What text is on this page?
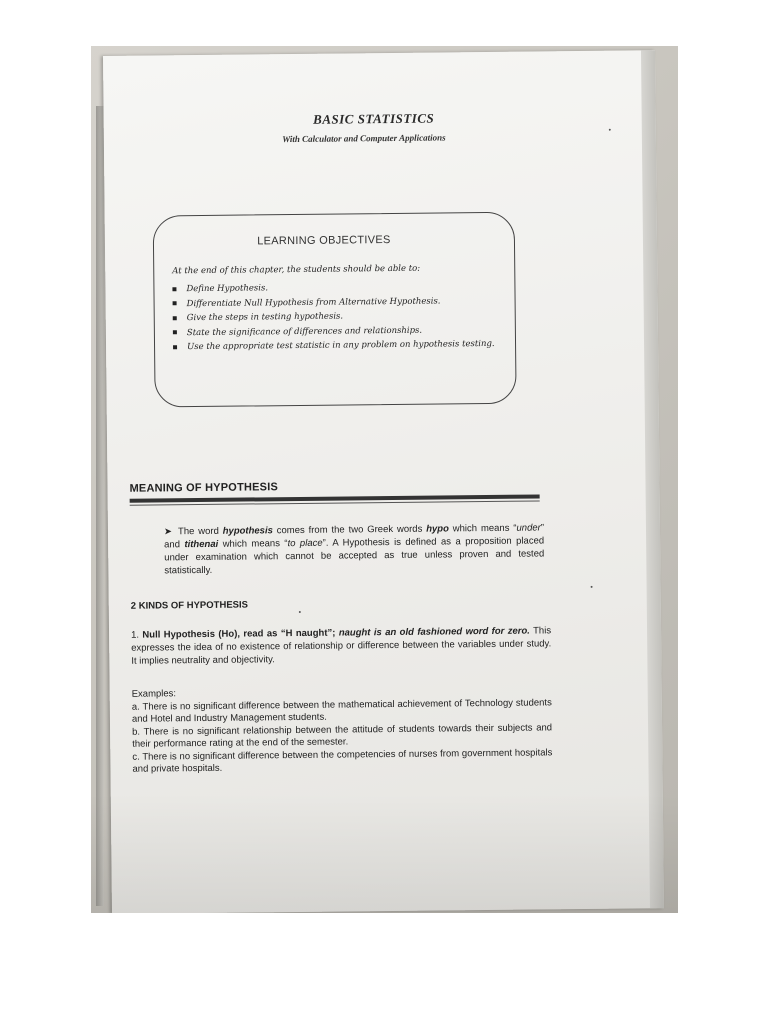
BASIC STATISTICS
With Calculator and Computer Applications
LEARNING OBJECTIVES
At the end of this chapter, the students should be able to:
Define Hypothesis.
Differentiate Null Hypothesis from Alternative Hypothesis.
Give the steps in testing hypothesis.
State the significance of differences and relationships.
Use the appropriate test statistic in any problem on hypothesis testing.
MEANING OF HYPOTHESIS
➤ The word hypothesis comes from the two Greek words hypo which means “under” and tithenai which means “to place”. A Hypothesis is defined as a proposition placed under examination which cannot be accepted as true unless proven and tested statistically.
2 KINDS OF HYPOTHESIS
1. Null Hypothesis (Ho), read as “H naught”; naught is an old fashioned word for zero. This expresses the idea of no existence of relationship or difference between the variables under study. It implies neutrality and objectivity.
Examples:
a. There is no significant difference between the mathematical achievement of Technology students and Hotel and Industry Management students.
b. There is no significant relationship between the attitude of students towards their subjects and their performance rating at the end of the semester.
c. There is no significant difference between the competencies of nurses from government hospitals and private hospitals.
